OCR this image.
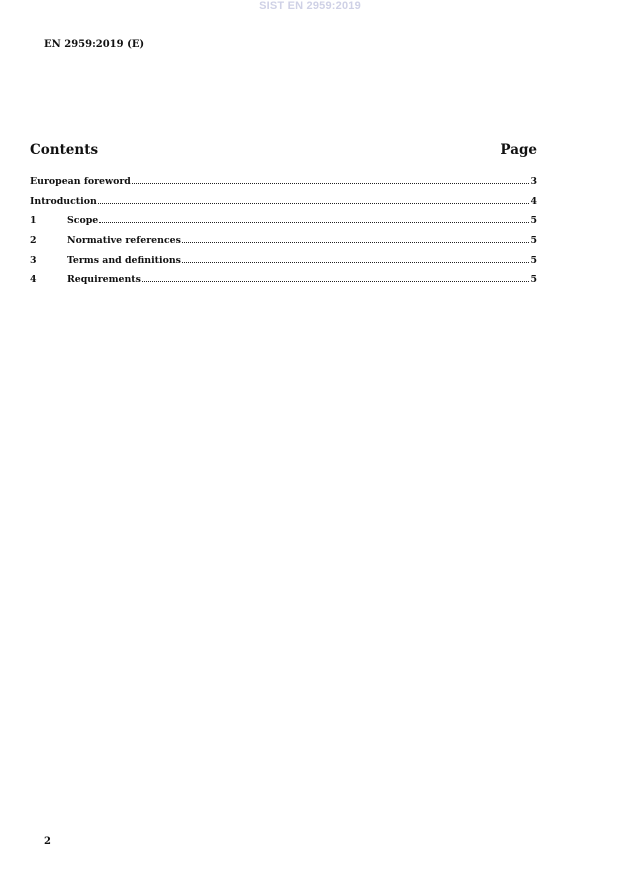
SIST EN 2959:2019
EN 2959:2019 (E)
Contents	Page
European foreword	3
Introduction	4
1	Scope	5
2	Normative references	5
3	Terms and definitions	5
4	Requirements	5
2
